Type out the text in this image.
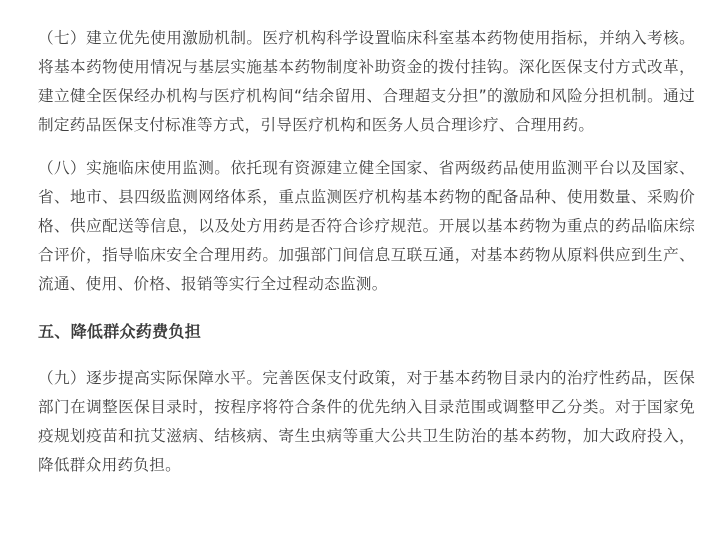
（七）建立优先使用激励机制。医疗机构科学设置临床科室基本药物使用指标，并纳入考核。将基本药物使用情况与基层实施基本药物制度补助资金的拨付挂钩。深化医保支付方式改革，建立健全医保经办机构与医疗机构间“结余留用、合理超支分担”的激励和风险分担机制。通过制定药品医保支付标准等方式，引导医疗机构和医务人员合理诊疗、合理用药。

（八）实施临床使用监测。依托现有资源建立健全国家、省两级药品使用监测平台以及国家、省、地市、县四级监测网络体系，重点监测医疗机构基本药物的配备品种、使用数量、采购价格、供应配送等信息，以及处方用药是否符合诊疗规范。开展以基本药物为重点的药品临床综合评价，指导临床安全合理用药。加强部门间信息互联互通，对基本药物从原料供应到生产、流通、使用、价格、报销等实行全过程动态监测。

五、降低群众药费负担

（九）逐步提高实际保障水平。完善医保支付政策，对于基本药物目录内的治疗性药品，医保部门在调整医保目录时，按程序将符合条件的优先纳入目录范围或调整甲乙分类。对于国家免疫规划疫苗和抗艾滋病、结核病、寄生虫病等重大公共卫生防治的基本药物，加大政府投入，降低群众用药负担。
